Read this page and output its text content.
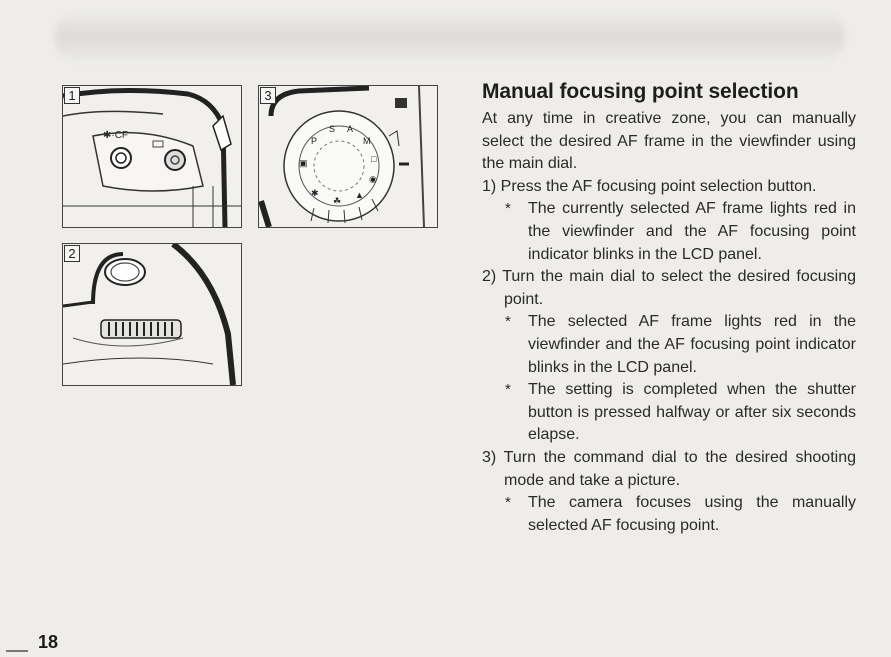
✱·CF
1
P
S A
M
□
◉
▲
☘
✱
▣
3
2
Manual focusing point selection

At any time in creative zone, you can manually select the desired AF frame in the viewfinder using the main dial.

1) Press the AF focusing point selection button.

* The currently selected AF frame lights red in the viewfinder and the AF focusing point indicator blinks in the LCD panel.

2) Turn the main dial to select the desired focusing point.

* The selected AF frame lights red in the viewfinder and the AF focusing point indicator blinks in the LCD panel.

* The setting is completed when the shutter button is pressed halfway or after six seconds elapse.

3) Turn the command dial to the desired shooting mode and take a picture.

* The camera focuses using the manually selected AF focusing point.

18
